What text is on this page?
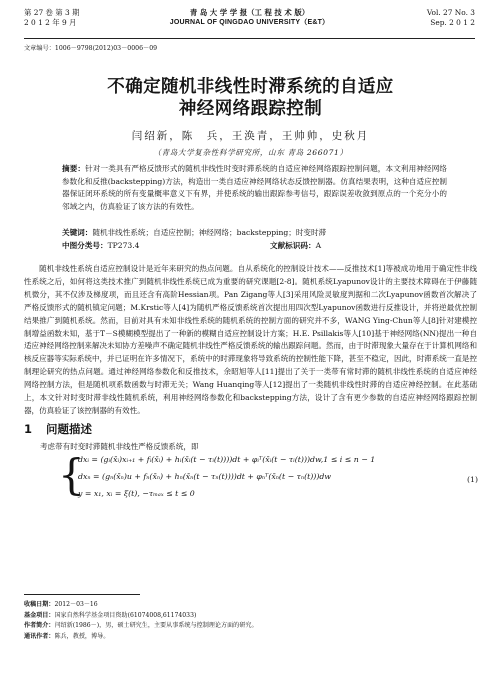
第 27 卷 第 3 期
2 0 1 2 年 9 月
青 岛 大 学 学 报（工 程 技 术 版）
JOURNAL OF QINGDAO UNIVERSITY（E&T）
Vol. 27 No. 3
Sep. 2 0 1 2
文章编号：1006－9798(2012)03－0006－09
不确定随机非线性时滞系统的自适应
神经网络跟踪控制
闫绍新，陈　兵，王涣青，王帅帅，史秋月
（青岛大学复杂性科学研究所，山东 青岛 266071）
摘要：针对一类具有严格反馈形式的随机非线性时变时滞系统的自适应神经网络跟踪控制问题，本文利用神经网络参数化和反推(backstepping)方法，构造出一类自适应神经网络状态反馈控制器。仿真结果表明，这种自适应控制器保证闭环系统的所有变量概率意义下有界，并使系统的输出跟踪参考信号，跟踪误差收敛到原点的一个充分小的邻域之内，仿真验证了该方法的有效性。
关键词：随机非线性系统；自适应控制；神经网络；backstepping；时变时滞
中图分类号：TP273.4	文献标识码：A
随机非线性系统自适应控制设计是近年来研究的热点问题。自从系统化的控制设计技术——反推技术[1]等被成功地用于确定性非线性系统之后，如何将这类技术推广到随机非线性系统已成为重要的研究课题[2-8]。随机系统Lyapunov设计的主要技术障碍在于伊藤随机微分，其不仅涉及梯度项，而且还含有高阶Hessian项。Pan Zigang等人[3]采用风险灵敏度判据和二次Lyapunov函数首次解决了严格反馈形式的随机镇定问题；M.Krstic等人[4]为随机严格反馈系统首次提出用四次型Lyapunov函数进行反推设计，并将逆最优控制结果推广到随机系统。然而，目前对具有未知非线性系统的随机系统的控制方面的研究并不多，WANG Ying-Chun等人[8]针对建模控制增益函数未知，基于T－S模糊模型提出了一种新的模糊自适应控制设计方案；H.E. Psillakis等人[10]基于神经网络(NN)提出一种自适应神经网络控制来解决未知协方差噪声不确定随机非线性严格反馈系统的输出跟踪问题。然而，由于时滞现象大量存在于计算机网络和核反应器等实际系统中，并已证明在许多情况下，系统中的时滞现象将导致系统的控制性能下降，甚至不稳定，因此，时滞系统一直是控制理论研究的热点问题。通过神经网络参数化和反推技术，余昭旭等人[11]提出了关于一类带有常时滞的随机非线性系统的自适应神经网络控制方法，但是随机项系数函数与时滞无关；Wang Huanqing等人[12]提出了一类随机非线性时滞的自适应神经控制。在此基础上，本文针对时变时滞非线性随机系统，利用神经网络参数化和backstepping方法，设计了含有更少参数的自适应神经网络跟踪控制器，仿真验证了该控制器的有效性。
1 问题描述
考虑带有时变时滞随机非线性严格反馈系统，即
{
dxᵢ = (gᵢ(x̄ᵢ)xᵢ₊₁ + fᵢ(x̄ᵢ) + hᵢ(x̄ᵢ(t − τᵢ(t))))dt + φᵢᵀ(x̄ᵢ(t − τᵢ(t)))dw,1 ≤ i ≤ n − 1
dxₙ = (gₙ(x̄ₙ)u + fₙ(x̄ₙ) + hₙ(x̄ₙ(t − τₙ(t))))dt + φₙᵀ(x̄ₙ(t − τₙ(t)))dw
y = x₁, xᵢ = ξ(t), −τₘₐₓ ≤ t ≤ 0
(1)
收稿日期：2012－03－16
基金项目：国家自然科学基金项目资助(61074008,61174033)
作者简介：闫绍新(1986－)，男，硕士研究生，主要从事系统与控制理论方面的研究。
通讯作者：陈兵，教授，博导。
